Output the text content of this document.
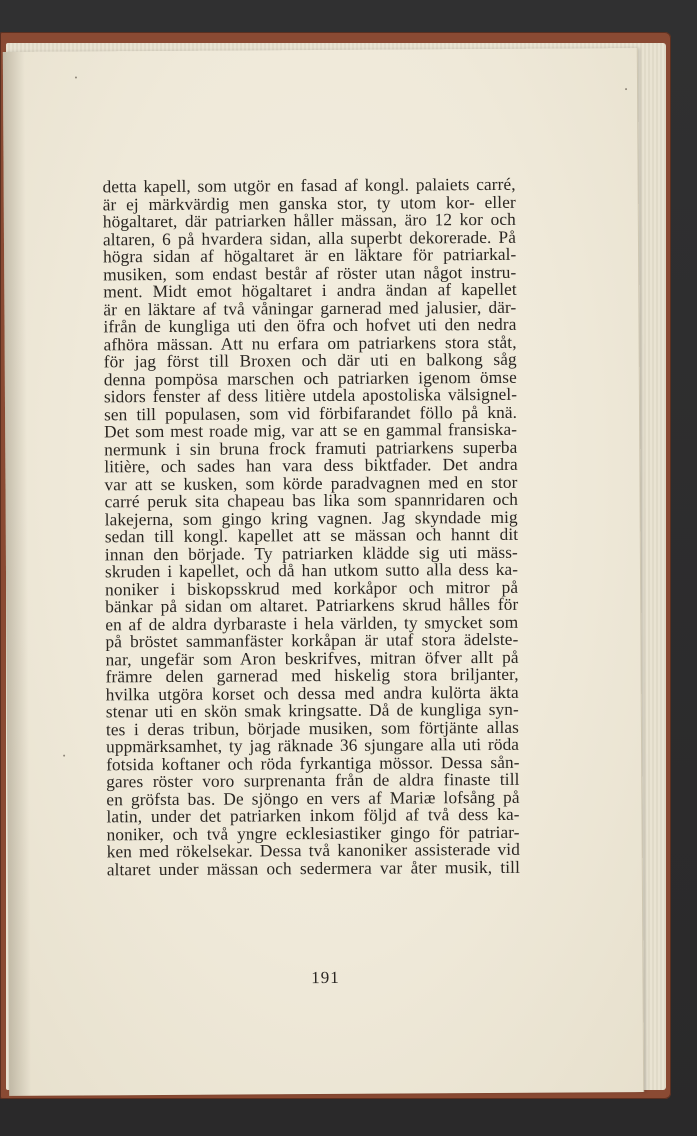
detta kapell, som utgör en fasad af kongl. palaiets carré,
är ej märkvärdig men ganska stor, ty utom kor- eller
högaltaret, där patriarken håller mässan, äro 12 kor och
altaren, 6 på hvardera sidan, alla superbt dekorerade. På
högra sidan af högaltaret är en läktare för patriarkal-
musiken, som endast består af röster utan något instru-
ment. Midt emot högaltaret i andra ändan af kapellet
är en läktare af två våningar garnerad med jalusier, där-
ifrån de kungliga uti den öfra och hofvet uti den nedra
afhöra mässan. Att nu erfara om patriarkens stora ståt,
för jag först till Broxen och där uti en balkong såg
denna pompösa marschen och patriarken igenom ömse
sidors fenster af dess litière utdela apostoliska välsignel-
sen till populasen, som vid förbifarandet föllo på knä.
Det som mest roade mig, var att se en gammal fransiska-
nermunk i sin bruna frock framuti patriarkens superba
litière, och sades han vara dess biktfader. Det andra
var att se kusken, som körde paradvagnen med en stor
carré peruk sita chapeau bas lika som spannridaren och
lakejerna, som gingo kring vagnen. Jag skyndade mig
sedan till kongl. kapellet att se mässan och hannt dit
innan den började. Ty patriarken klädde sig uti mäss-
skruden i kapellet, och då han utkom sutto alla dess ka-
noniker i biskopsskrud med korkåpor och mitror på
bänkar på sidan om altaret. Patriarkens skrud hålles för
en af de aldra dyrbaraste i hela världen, ty smycket som
på bröstet sammanfäster korkåpan är utaf stora ädelste-
nar, ungefär som Aron beskrifves, mitran öfver allt på
främre delen garnerad med hiskelig stora briljanter,
hvilka utgöra korset och dessa med andra kulörta äkta
stenar uti en skön smak kringsatte. Då de kungliga syn-
tes i deras tribun, började musiken, som förtjänte allas
uppmärksamhet, ty jag räknade 36 sjungare alla uti röda
fotsida koftaner och röda fyrkantiga mössor. Dessa sån-
gares röster voro surprenanta från de aldra finaste till
en gröfsta bas. De sjöngo en vers af Mariæ lofsång på
latin, under det patriarken inkom följd af två dess ka-
noniker, och två yngre ecklesiastiker gingo för patriar-
ken med rökelsekar. Dessa två kanoniker assisterade vid
altaret under mässan och sedermera var åter musik, till
191
